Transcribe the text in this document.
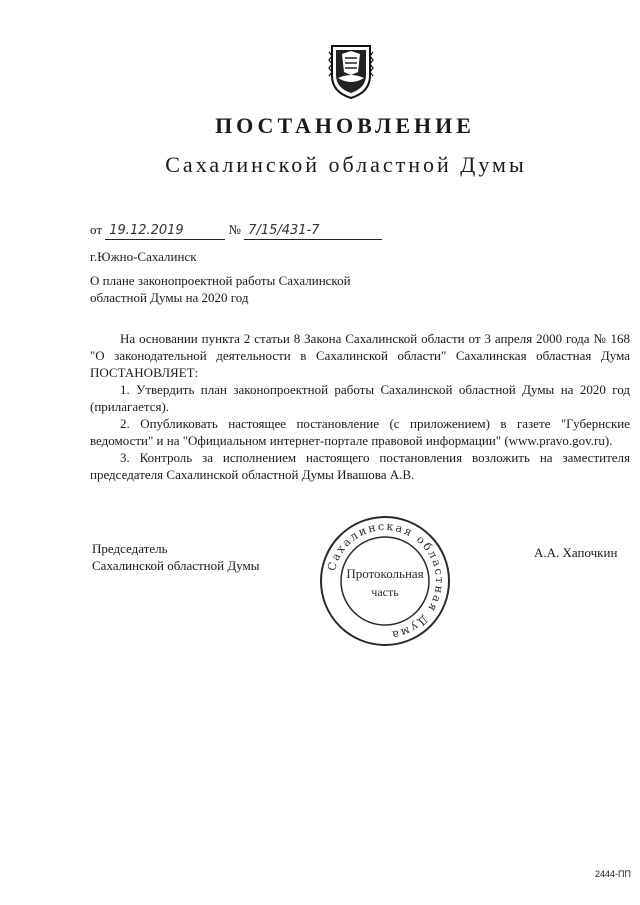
ПОСТАНОВЛЕНИЕ
Сахалинской областной Думы
от 19.12.2019	№ 7/15/431-7
г.Южно-Сахалинск
О плане законопроектной работы Сахалинской
областной Думы на 2020 год

На основании пункта 2 статьи 8 Закона Сахалинской области от 3 апреля 2000 года № 168 "О законодательной деятельности в Сахалинской области" Сахалинская областная Дума ПОСТАНОВЛЯЕТ:

1. Утвердить план законопроектной работы Сахалинской областной Думы на 2020 год (прилагается).

2. Опубликовать настоящее постановление (с приложением) в газете "Губернские ведомости" и на "Официальном интернет-портале правовой информации" (www.pravo.gov.ru).

3. Контроль за исполнением настоящего постановления возложить на заместителя председателя Сахалинской областной Думы Ивашова А.В.

Председатель
Сахалинской областной Думы
А.А. Хапочкин
Сахалинская областная Дума
Протокольная
часть
2444-ПП
